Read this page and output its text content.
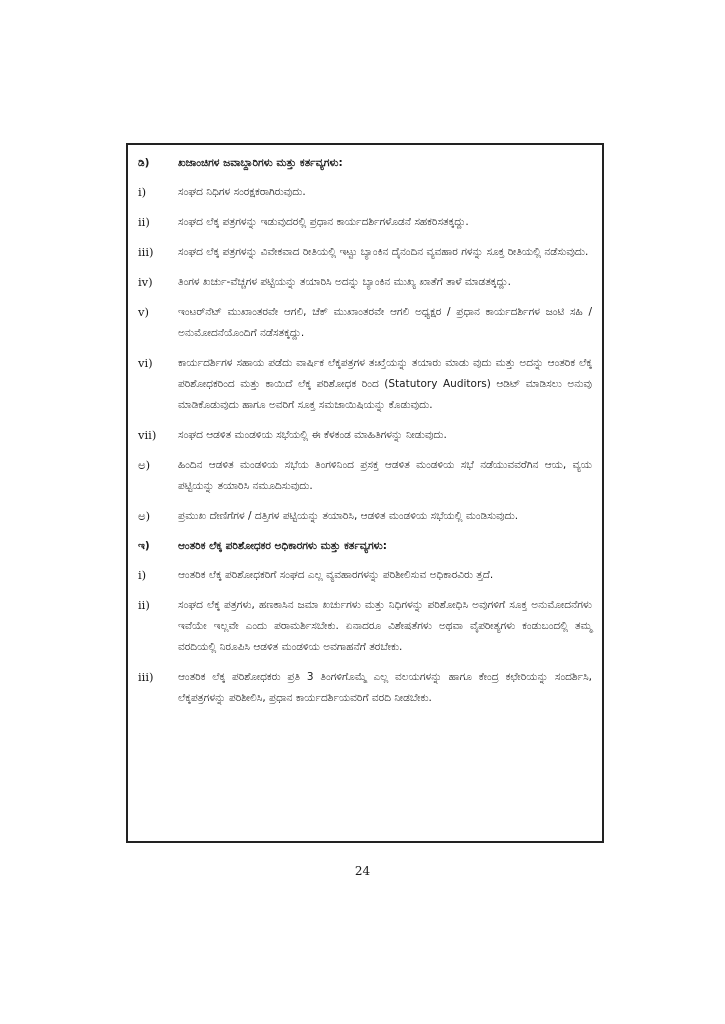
ಡಿ)	ಖಜಾಂಚಿಗಳ ಜವಾಬ್ದಾರಿಗಳು ಮತ್ತು ಕರ್ತವ್ಯಗಳು:
i)	ಸಂಘದ ನಿಧಿಗಳ ಸಂರಕ್ಷಕರಾಗಿರುವುದು.
ii)	ಸಂಘದ ಲೆಕ್ಕ ಪತ್ರಗಳನ್ನು ಇಡುವುದರಲ್ಲಿ ಪ್ರಧಾನ ಕಾರ್ಯದರ್ಶಿಗಳೊಡನೆ ಸಹಕರಿಸತಕ್ಕದ್ದು.
iii)	ಸಂಘದ ಲೆಕ್ಕ ಪತ್ರಗಳನ್ನು ವಿವೇಕವಾದ ರೀತಿಯಲ್ಲಿ ಇಟ್ಟು ಬ್ಯಾಂಕಿನ ದೈನಂದಿನ ವ್ಯವಹಾರ ಗಳನ್ನು ಸೂಕ್ತ ರೀತಿಯಲ್ಲಿ ನಡೆಸುವುದು.
iv)	ತಿಂಗಳ ಖರ್ಚು-ವೆಚ್ಚಗಳ ಪಟ್ಟಿಯನ್ನು ತಯಾರಿಸಿ ಅದನ್ನು ಬ್ಯಾಂಕಿನ ಮುಖ್ಯ ಖಾತೆಗೆ ತಾಳೆ ಮಾಡತಕ್ಕದ್ದು.
v)	ಇಂಟರ್‌ನೆಟ್ ಮುಖಾಂತರವೇ ಆಗಲಿ, ಚೆಕ್ ಮುಖಾಂತರವೇ ಆಗಲಿ ಅಧ್ಯಕ್ಷರ / ಪ್ರಧಾನ ಕಾರ್ಯದರ್ಶಿಗಳ ಜಂಟಿ ಸಹಿ / ಅನುಮೋದನೆಯೊಂದಿಗೆ ನಡೆಸತಕ್ಕದ್ದು.
vi)	ಕಾರ್ಯದರ್ಶಿಗಳ ಸಹಾಯ ಪಡೆದು ವಾರ್ಷಿಕ ಲೆಕ್ಕಪತ್ರಗಳ ತಃಖ್ತೆಯನ್ನು ತಯಾರು ಮಾಡು ವುದು ಮತ್ತು ಅದನ್ನು ಆಂತರಿಕ ಲೆಕ್ಕ ಪರಿಶೋಧಕರಿಂದ ಮತ್ತು ಕಾಯಿದೆ ಲೆಕ್ಕ ಪರಿಶೋಧಕ ರಿಂದ (Statutory Auditors) ಆಡಿಟ್ ಮಾಡಿಸಲು ಅನುವು ಮಾಡಿಕೊಡುವುದು ಹಾಗೂ ಅವರಿಗೆ ಸೂಕ್ತ ಸಮಜಾಯಿಷಿಯನ್ನು ಕೊಡುವುದು.
vii)	ಸಂಘದ ಆಡಳಿತ ಮಂಡಳಿಯ ಸಭೆಯಲ್ಲಿ ಈ ಕೆಳಕಂಡ ಮಾಹಿತಿಗಳನ್ನು ನೀಡುವುದು.
ಅ)	ಹಿಂದಿನ ಆಡಳಿತ ಮಂಡಳಿಯ ಸಭೆಯ ತಿಂಗಳಿನಿಂದ ಪ್ರಸಕ್ತ ಆಡಳಿತ ಮಂಡಳಿಯ ಸಭೆ ನಡೆಯುವವರೆಗಿನ ಆಯ, ವ್ಯಯ ಪಟ್ಟಿಯನ್ನು ತಯಾರಿಸಿ ನಮೂದಿಸುವುದು.
ಅ)	ಪ್ರಮುಖ ದೇಣಿಗೆಗಳ / ದತ್ತಿಗಳ ಪಟ್ಟಿಯನ್ನು ತಯಾರಿಸಿ, ಆಡಳಿತ ಮಂಡಳಿಯ ಸಭೆಯಲ್ಲಿ ಮಂಡಿಸುವುದು.
ಇ)	ಆಂತರಿಕ ಲೆಕ್ಕ ಪರಿಶೋಧಕರ ಅಧಿಕಾರಗಳು ಮತ್ತು ಕರ್ತವ್ಯಗಳು:
i)	ಆಂತರಿಕ ಲೆಕ್ಕ ಪರಿಶೋಧಕರಿಗೆ ಸಂಘದ ಎಲ್ಲ ವ್ಯವಹಾರಗಳನ್ನು ಪರಿಶೀಲಿಸುವ ಅಧಿಕಾರವಿರು ತ್ತದೆ.
ii)	ಸಂಘದ ಲೆಕ್ಕ ಪತ್ರಗಳು, ಹಣಕಾಸಿನ ಜಮಾ ಖರ್ಚುಗಳು ಮತ್ತು ನಿಧಿಗಳನ್ನು ಪರಿಶೋಧಿಸಿ ಅವುಗಳಿಗೆ ಸೂಕ್ತ ಅನುಮೋದನೆಗಳು ಇವೆಯೇ ಇಲ್ಲವೇ ಎಂದು ಪರಾಮರ್ಶಿಸಬೇಕು. ಏನಾದರೂ ವಿಶೇಷತೆಗಳು ಅಥವಾ ವೈಪರೀತ್ಯಗಳು ಕಂಡುಬಂದಲ್ಲಿ ತಮ್ಮ ವರದಿಯಲ್ಲಿ ನಿರೂಪಿಸಿ ಆಡಳಿತ ಮಂಡಳಿಯ ಅವಗಾಹನೆಗೆ ತರಬೇಕು.
iii)	ಆಂತರಿಕ ಲೆಕ್ಕ ಪರಿಶೋಧಕರು ಪ್ರತಿ 3 ತಿಂಗಳಿಗೊಮ್ಮೆ ಎಲ್ಲ ವಲಯಗಳನ್ನು ಹಾಗೂ ಕೇಂದ್ರ ಕಛೇರಿಯನ್ನು ಸಂದರ್ಶಿಸಿ, ಲೆಕ್ಕಪತ್ರಗಳನ್ನು ಪರಿಶೀಲಿಸಿ, ಪ್ರಧಾನ ಕಾರ್ಯದರ್ಶಿಯವರಿಗೆ ವರದಿ ನೀಡಬೇಕು.
24
